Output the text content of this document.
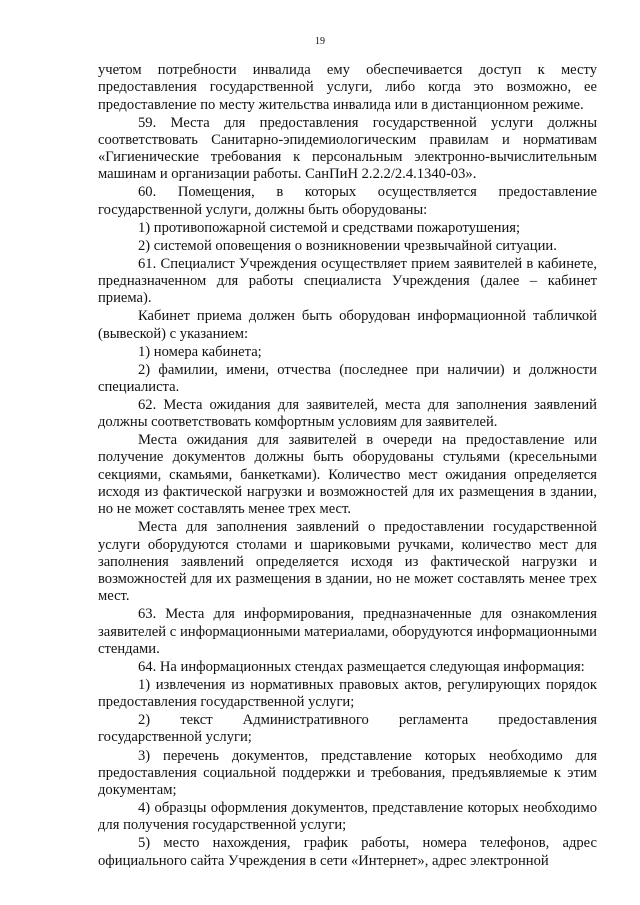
19

учетом потребности инвалида ему обеспечивается доступ к месту предоставления государственной услуги, либо когда это возможно, ее предоставление по месту жительства инвалида или в дистанционном режиме.

59. Места для предоставления государственной услуги должны соответствовать Санитарно-эпидемиологическим правилам и нормативам «Гигиенические требования к персональным электронно-вычислительным машинам и организации работы. СанПиН 2.2.2/2.4.1340-03».

60. Помещения, в которых осуществляется предоставление государственной услуги, должны быть оборудованы:

1) противопожарной системой и средствами пожаротушения;

2) системой оповещения о возникновении чрезвычайной ситуации.

61. Специалист Учреждения осуществляет прием заявителей в кабинете, предназначенном для работы специалиста Учреждения (далее – кабинет приема).

Кабинет приема должен быть оборудован информационной табличкой (вывеской) с указанием:

1) номера кабинета;

2) фамилии, имени, отчества (последнее при наличии) и должности специалиста.

62. Места ожидания для заявителей, места для заполнения заявлений должны соответствовать комфортным условиям для заявителей.

Места ожидания для заявителей в очереди на предоставление или получение документов должны быть оборудованы стульями (кресельными секциями, скамьями, банкетками). Количество мест ожидания определяется исходя из фактической нагрузки и возможностей для их размещения в здании, но не может составлять менее трех мест.

Места для заполнения заявлений о предоставлении государственной услуги оборудуются столами и шариковыми ручками, количество мест для заполнения заявлений определяется исходя из фактической нагрузки и возможностей для их размещения в здании, но не может составлять менее трех мест.

63. Места для информирования, предназначенные для ознакомления заявителей с информационными материалами, оборудуются информационными стендами.

64. На информационных стендах размещается следующая информация:

1) извлечения из нормативных правовых актов, регулирующих порядок предоставления государственной услуги;

2) текст Административного регламента предоставления государственной услуги;

3) перечень документов, представление которых необходимо для предоставления социальной поддержки и требования, предъявляемые к этим документам;

4) образцы оформления документов, представление которых необходимо для получения государственной услуги;

5) место нахождения, график работы, номера телефонов, адрес официального сайта Учреждения в сети «Интернет», адрес электронной
